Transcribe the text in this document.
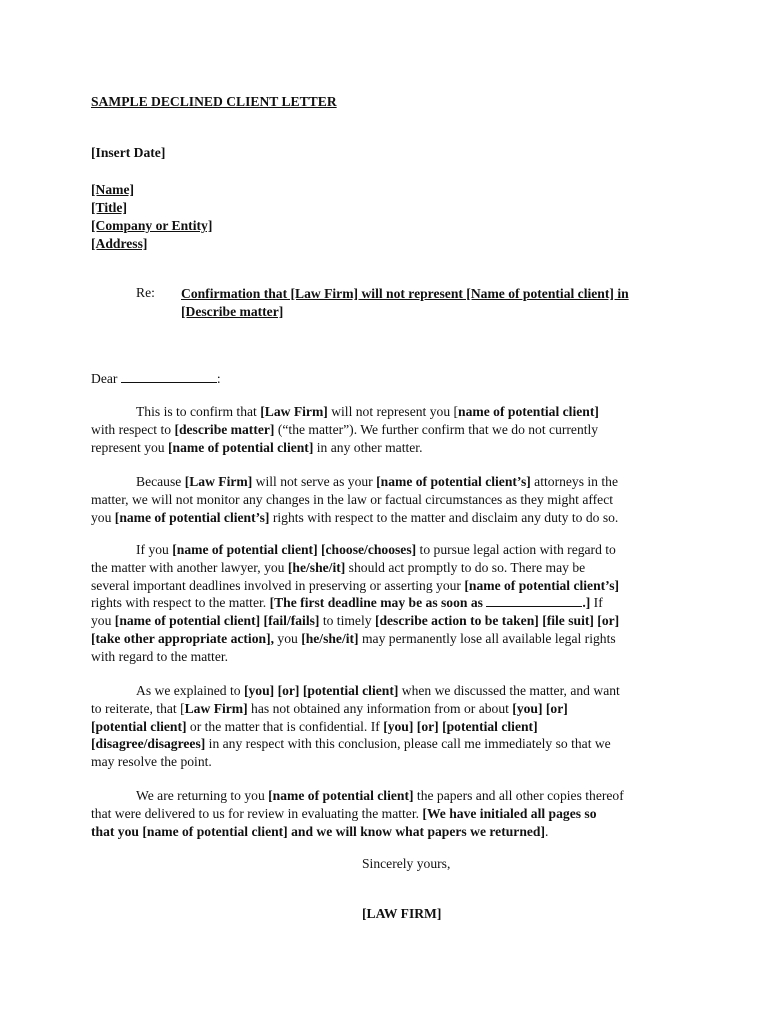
SAMPLE DECLINED CLIENT LETTER
[Insert Date]
[Name]
[Title]
[Company or Entity]
[Address]
Re: Confirmation that [Law Firm] will not represent [Name of potential client] in
[Describe matter]
Dear	:
This is to confirm that [Law Firm] will not represent you [name of potential client]
with respect to [describe matter] (“the matter”). We further confirm that we do not currently
represent you [name of potential client] in any other matter.
Because [Law Firm] will not serve as your [name of potential client’s] attorneys in the
matter, we will not monitor any changes in the law or factual circumstances as they might affect
you [name of potential client’s] rights with respect to the matter and disclaim any duty to do so.
If you [name of potential client] [choose/chooses] to pursue legal action with regard to
the matter with another lawyer, you [he/she/it] should act promptly to do so. There may be
several important deadlines involved in preserving or asserting your [name of potential client’s]
rights with respect to the matter. [The first deadline may be as soon as	.] If
you [name of potential client] [fail/fails] to timely [describe action to be taken] [file suit] [or]
[take other appropriate action], you [he/she/it] may permanently lose all available legal rights
with regard to the matter.
As we explained to [you] [or] [potential client] when we discussed the matter, and want
to reiterate, that [Law Firm] has not obtained any information from or about [you] [or]
[potential client] or the matter that is confidential. If [you] [or] [potential client]
[disagree/disagrees] in any respect with this conclusion, please call me immediately so that we
may resolve the point.
We are returning to you [name of potential client] the papers and all other copies thereof
that were delivered to us for review in evaluating the matter. [We have initialed all pages so
that you [name of potential client] and we will know what papers we returned].
Sincerely yours,
[LAW FIRM]
